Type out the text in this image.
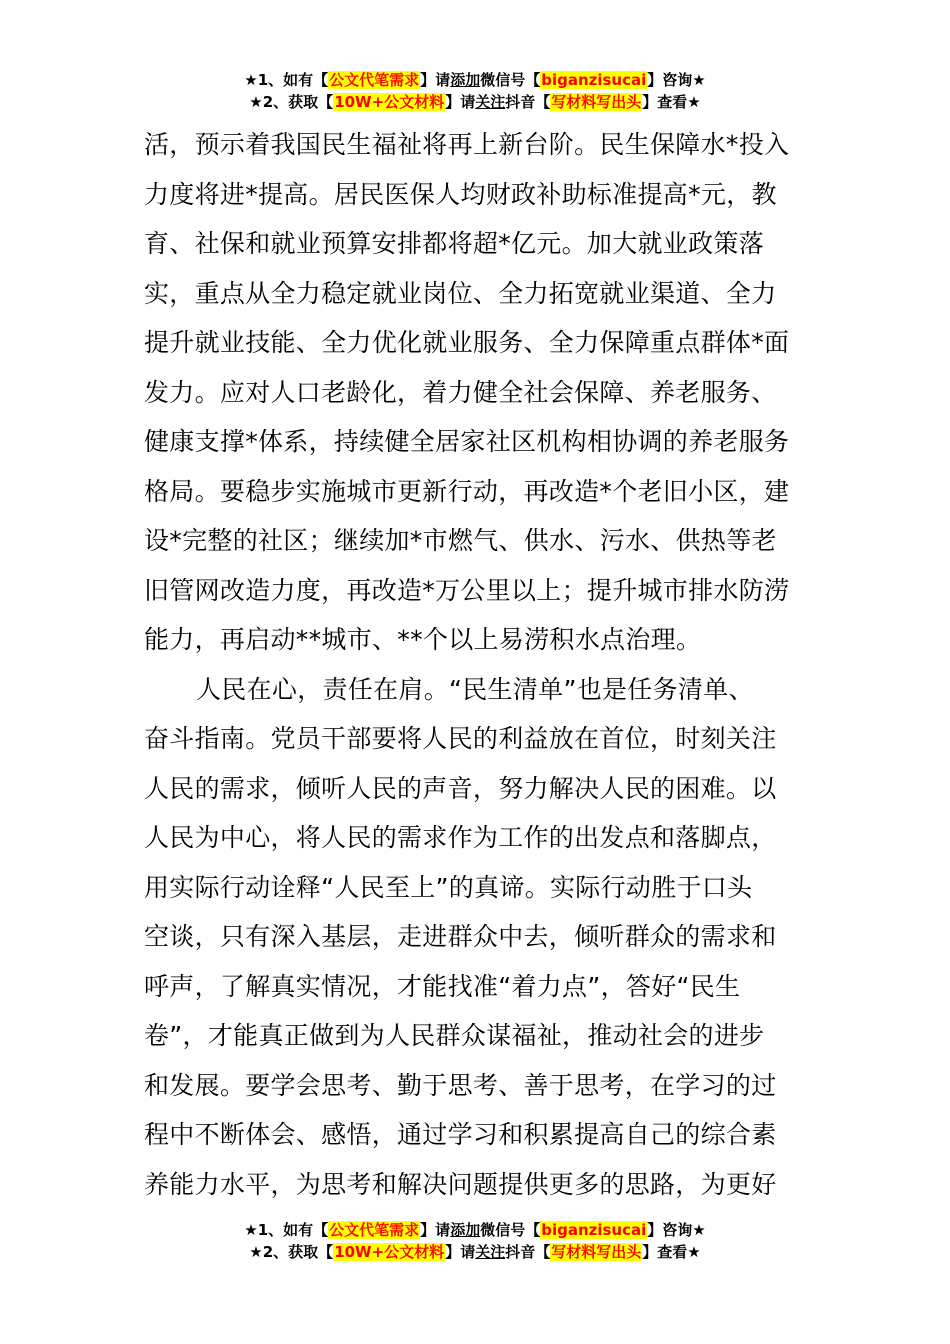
★1、如有【公文代笔需求】请添加微信号【biganzisucai】咨询★
★2、获取【10W+公文材料】请关注抖音【写材料写出头】查看★
活，预示着我国民生福祉将再上新台阶。民生保障水*投入
力度将进*提高。居民医保人均财政补助标准提高*元，教
育、社保和就业预算安排都将超*亿元。加大就业政策落
实，重点从全力稳定就业岗位、全力拓宽就业渠道、全力
提升就业技能、全力优化就业服务、全力保障重点群体*面
发力。应对人口老龄化，着力健全社会保障、养老服务、
健康支撑*体系，持续健全居家社区机构相协调的养老服务
格局。要稳步实施城市更新行动，再改造*个老旧小区，建
设*完整的社区；继续加*市燃气、供水、污水、供热等老
旧管网改造力度，再改造*万公里以上；提升城市排水防涝
能力，再启动**城市、**个以上易涝积水点治理。
人民在心，责任在肩。“民生清单”也是任务清单、
奋斗指南。党员干部要将人民的利益放在首位，时刻关注
人民的需求，倾听人民的声音，努力解决人民的困难。以
人民为中心，将人民的需求作为工作的出发点和落脚点，
用实际行动诠释“人民至上”的真谛。实际行动胜于口头
空谈，只有深入基层，走进群众中去，倾听群众的需求和
呼声，了解真实情况，才能找准“着力点”，答好“民生
卷”，才能真正做到为人民群众谋福祉，推动社会的进步
和发展。要学会思考、勤于思考、善于思考，在学习的过
程中不断体会、感悟，通过学习和积累提高自己的综合素
养能力水平，为思考和解决问题提供更多的思路，为更好
★1、如有【公文代笔需求】请添加微信号【biganzisucai】咨询★
★2、获取【10W+公文材料】请关注抖音【写材料写出头】查看★
